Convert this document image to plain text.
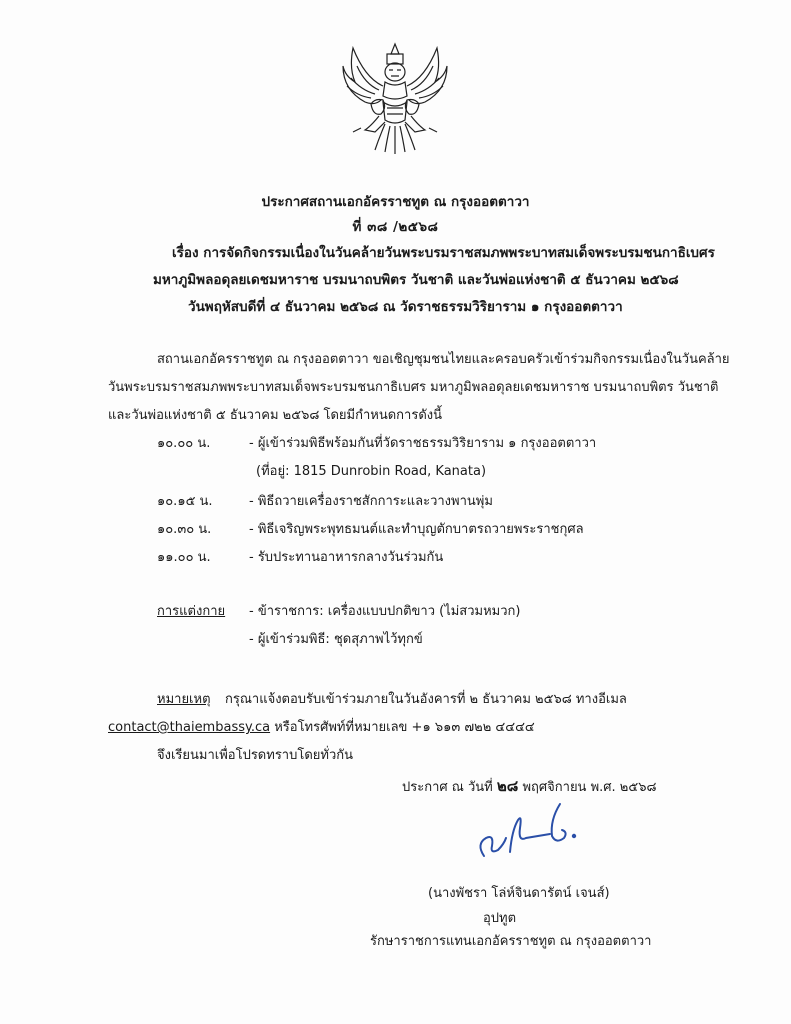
ประกาศสถานเอกอัครราชทูต ณ กรุงออตตาวา
ที่ ๓๘ /๒๕๖๘
เรื่อง การจัดกิจกรรมเนื่องในวันคล้ายวันพระบรมราชสมภพพระบาทสมเด็จพระบรมชนกาธิเบศร
มหาภูมิพลอดุลยเดชมหาราช บรมนาถบพิตร วันชาติ และวันพ่อแห่งชาติ ๕ ธันวาคม ๒๕๖๘
วันพฤหัสบดีที่ ๔ ธันวาคม ๒๕๖๘ ณ วัดราชธรรมวิริยาราม ๑ กรุงออตตาวา
สถานเอกอัครราชทูต ณ กรุงออตตาวา ขอเชิญชุมชนไทยและครอบครัวเข้าร่วมกิจกรรมเนื่องในวันคล้าย
วันพระบรมราชสมภพพระบาทสมเด็จพระบรมชนกาธิเบศร มหาภูมิพลอดุลยเดชมหาราช บรมนาถบพิตร วันชาติ
และวันพ่อแห่งชาติ ๕ ธันวาคม ๒๕๖๘ โดยมีกำหนดการดังนี้
๑๐.๐๐ น.	- ผู้เข้าร่วมพิธีพร้อมกันที่วัดราชธรรมวิริยาราม ๑ กรุงออตตาวา
(ที่อยู่: 1815 Dunrobin Road, Kanata)
๑๐.๑๕ น.	- พิธีถวายเครื่องราชสักการะและวางพานพุ่ม
๑๐.๓๐ น.	- พิธีเจริญพระพุทธมนต์และทำบุญตักบาตรถวายพระราชกุศล
๑๑.๐๐ น.	- รับประทานอาหารกลางวันร่วมกัน
การแต่งกาย - ข้าราชการ: เครื่องแบบปกติขาว (ไม่สวมหมวก)
- ผู้เข้าร่วมพิธี: ชุดสุภาพไว้ทุกข์
หมายเหตุ กรุณาแจ้งตอบรับเข้าร่วมภายในวันอังคารที่ ๒ ธันวาคม ๒๕๖๘ ทางอีเมล
contact@thaiembassy.ca หรือโทรศัพท์ที่หมายเลข +๑ ๖๑๓ ๗๒๒ ๔๔๔๔
จึงเรียนมาเพื่อโปรดทราบโดยทั่วกัน
ประกาศ ณ วันที่ ๒๘ พฤศจิกายน พ.ศ. ๒๕๖๘
(นางพัชรา โล่ห์จินดารัตน์ เจนส์)
อุปทูต
รักษาราชการแทนเอกอัครราชทูต ณ กรุงออตตาวา
